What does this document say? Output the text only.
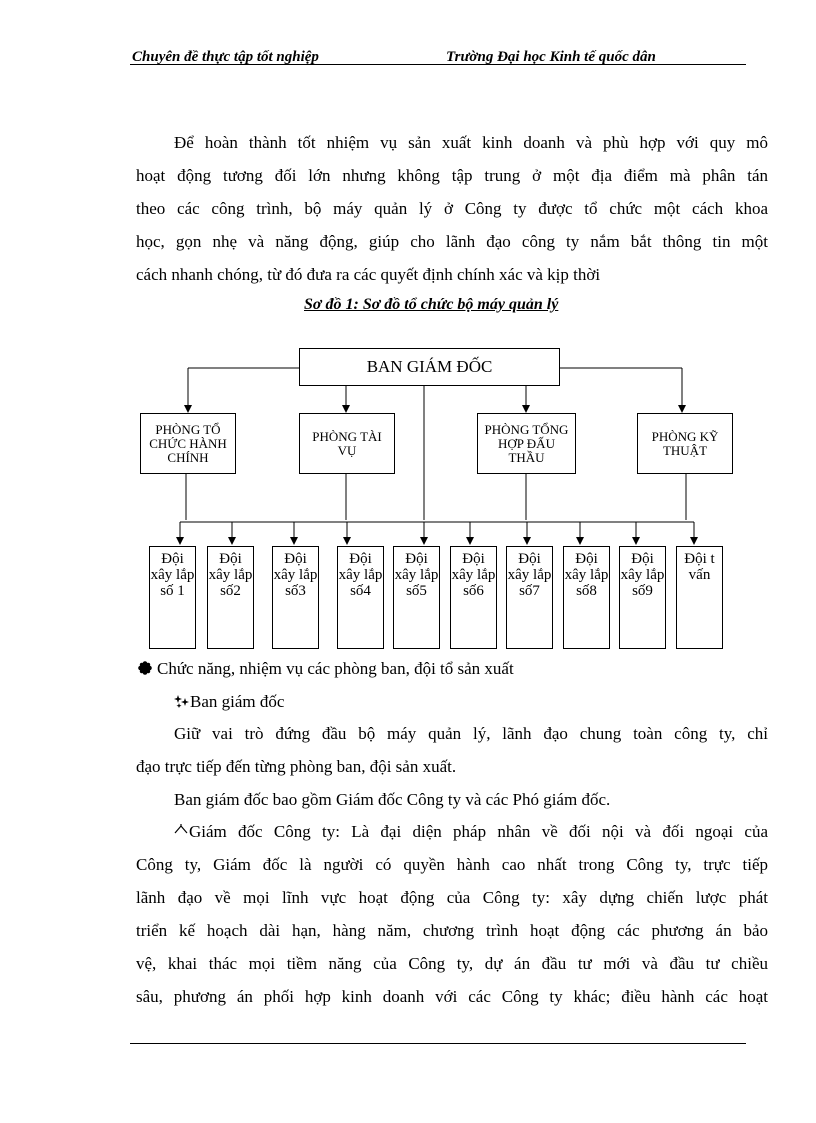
Chuyên đề thực tập tốt nghiệp	Trường Đại học Kinh tế quốc dân
Để hoàn thành tốt nhiệm vụ sản xuất kinh doanh và phù hợp với quy mô
hoạt động tương đối lớn nhưng không tập trung ở một địa điểm mà phân tán
theo các công trình, bộ máy quản lý ở Công ty được tổ chức một cách khoa
học, gọn nhẹ và năng động, giúp cho lãnh đạo công ty nắm bắt thông tin một
cách nhanh chóng, từ đó đưa ra các quyết định chính xác và kịp thời
Sơ đồ 1: Sơ đồ tổ chức bộ máy quản lý
BAN GIÁM ĐỐC
PHÒNG TỔ CHỨC HÀNH CHÍNH
PHÒNG TÀI VỤ
PHÒNG TỔNG HỢP ĐẤU THẦU
PHÒNG KỸ THUẬT
Đội xây lắp số 1
Đội xây lắp số2
Đội xây lắp số3
Đội xây lắp số4
Đội xây lắp số5
Đội xây lắp số6
Đội xây lắp số7
Đội xây lắp số8
Đội xây lắp số9
Đội t vấn
Chức năng, nhiệm vụ các phòng ban, đội tổ sản xuất
Ban giám đốc
Giữ vai trò đứng đầu bộ máy quản lý, lãnh đạo chung toàn công ty, chỉ
đạo trực tiếp đến từng phòng ban, đội sản xuất.
Ban giám đốc bao gồm Giám đốc Công ty và các Phó giám đốc.
Giám đốc Công ty: Là đại diện pháp nhân về đối nội và đối ngoại của
Công ty, Giám đốc là người có quyền hành cao nhất trong Công ty, trực tiếp
lãnh đạo về mọi lĩnh vực hoạt động của Công ty: xây dựng chiến lược phát
triển kế hoạch dài hạn, hàng năm, chương trình hoạt động các phương án bảo
vệ, khai thác mọi tiềm năng của Công ty, dự án đầu tư mới và đầu tư chiều
sâu, phương án phối hợp kinh doanh với các Công ty khác; điều hành các hoạt
